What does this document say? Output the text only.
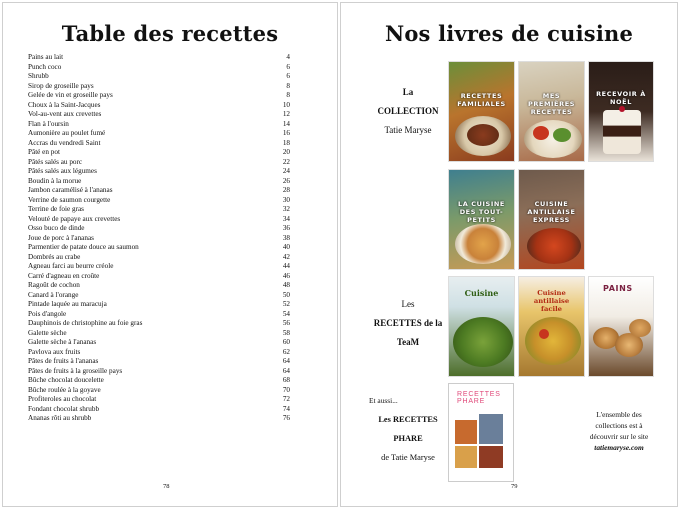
Table des recettes
Pains au lait	4
Punch coco	6
Shrubb	6
Sirop de groseille pays	8
Gelée de vin et groseille pays	8
Choux à la Saint-Jacques	10
Vol-au-vent aux crevettes	12
Flan à l'oursin	14
Aumonière au poulet fumé	16
Accras du vendredi Saint	18
Pâté en pot	20
Pâtés salés au porc	22
Pâtés salés aux légumes	24
Boudin à la morue	26
Jambon caramélisé à l'ananas	28
Verrine de saumon courgette	30
Terrine de foie gras	32
Velouté de papaye aux crevettes	34
Osso buco de dinde	36
Joue de porc à l'ananas	38
Parmentier de patate douce au saumon	40
Dombrés au crabe	42
Agneau farci au beurre créole	44
Carré d'agneau en croûte	46
Ragoût de cochon	48
Canard à l'orange	50
Pintade laquée au maracuja	52
Pois d'angole	54
Dauphinois de christophine au foie gras	56
Galette sèche	58
Galette sèche à l'ananas	60
Pavlova aux fruits	62
Pâtes de fruits à l'ananas	64
Pâtes de fruits à la groseille pays	64
Bûche chocolat doucelette	68
Bûche roulée à la goyave	70
Profiteroles au chocolat	72
Fondant chocolat shrubb	74
Ananas rôti au shrubb	76
78
Nos livres de cuisine
La
COLLECTION
Tatie Maryse
RECETTES FAMILIALES
MES PREMIÈRES RECETTES
RECEVOIR À NOËL
LA CUISINE DES TOUT-PETITS
CUISINE ANTILLAISE EXPRESS
Les
RECETTES de la
TeaM
Cuisine	Cuisine antillaise facile
PAINS
Et aussi...
Les RECETTES
PHARE
de Tatie Maryse
RECETTES PHARE
L'ensemble des
collections est à
découvrir sur le site
tatiemaryse.com
79
